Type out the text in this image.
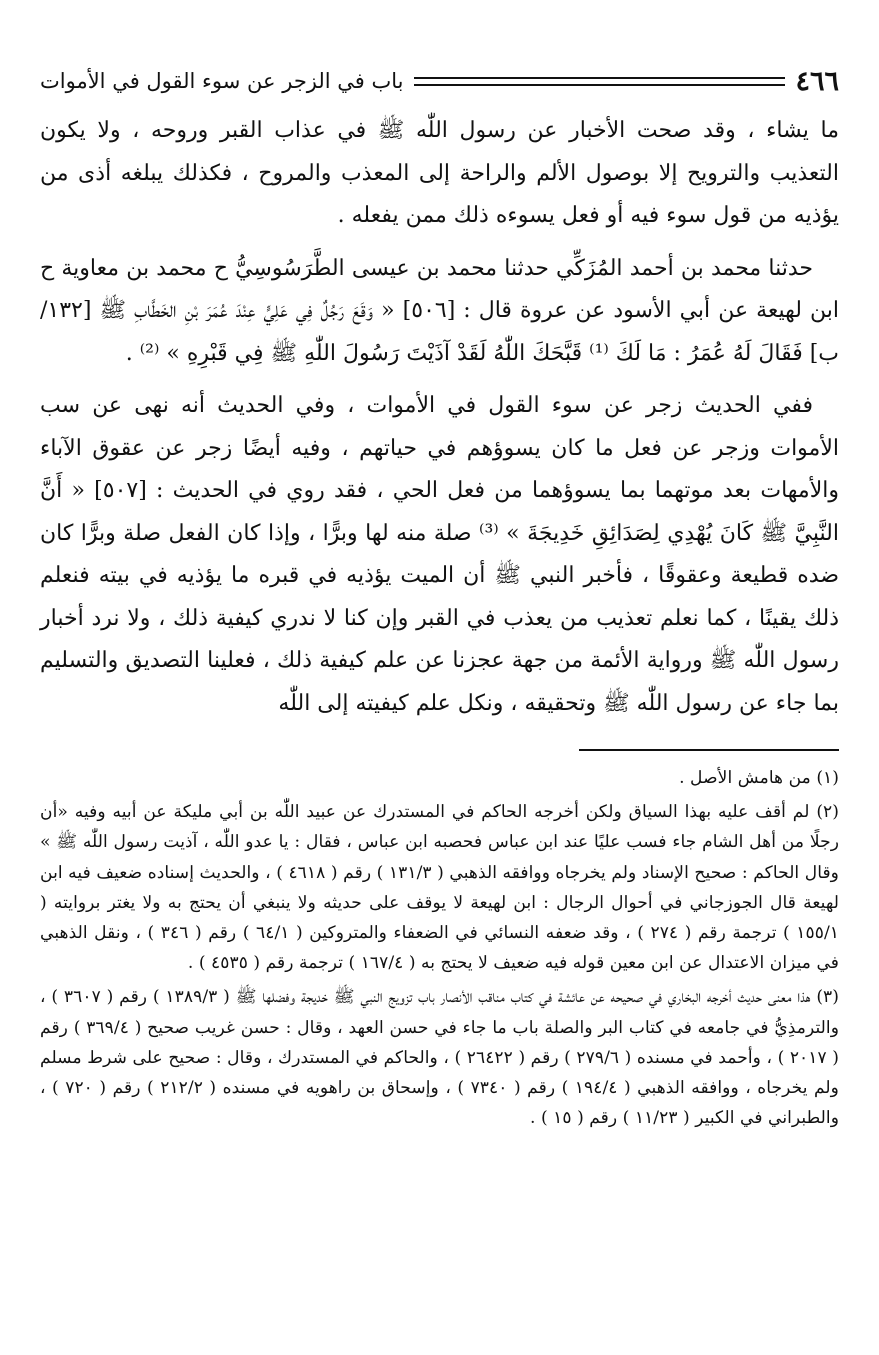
٤٦٦
باب في الزجر عن سوء القول في الأموات

ما يشاء ، وقد صحت الأخبار عن رسول اللّٰه ﷺ في عذاب القبر وروحه ، ولا يكون التعذيب والترويح إلا بوصول الألم والراحة إلى المعذب والمروح ، فكذلك يبلغه أذى من يؤذيه من قول سوء فيه أو فعل يسوءه ذلك ممن يفعله .

حدثنا محمد بن أحمد المُزَكِّي حدثنا محمد بن عيسى الطَّرَسُوسِيُّ ح محمد بن معاوية ح ابن لهيعة عن أبي الأسود عن عروة قال : [٥٠٦] « وَقَعَ رَجُلٌ فِي عَلِيٍّ عِنْدَ عُمَرَ بْنِ الخَطَّابِ ﷺ [١٣٢/ب] فَقَالَ لَهُ عُمَرُ : مَا لَكَ ⁽¹⁾ قَبَّحَكَ اللّٰهُ لَقَدْ آذَيْتَ رَسُولَ اللّٰهِ ﷺ فِي قَبْرِهِ » ⁽²⁾ .

ففي الحديث زجر عن سوء القول في الأموات ، وفي الحديث أنه نهى عن سب الأموات وزجر عن فعل ما كان يسوؤهم في حياتهم ، وفيه أيضًا زجر عن عقوق الآباء والأمهات بعد موتهما بما يسوؤهما من فعل الحي ، فقد روي في الحديث : [٥٠٧] « أَنَّ النَّبِيَّ ﷺ كَانَ يُهْدِي لِصَدَائِقِ خَدِيجَةَ » ⁽³⁾ صلة منه لها وبرًّا ، وإذا كان الفعل صلة وبرًّا كان ضده قطيعة وعقوقًا ، فأخبر النبي ﷺ أن الميت يؤذيه في قبره ما يؤذيه في بيته فنعلم ذلك يقينًا ، كما نعلم تعذيب من يعذب في القبر وإن كنا لا ندري كيفية ذلك ، ولا نرد أخبار رسول اللّٰه ﷺ ورواية الأئمة من جهة عجزنا عن علم كيفية ذلك ، فعلينا التصديق والتسليم بما جاء عن رسول اللّٰه ﷺ وتحقيقه ، ونكل علم كيفيته إلى اللّٰه

(١) من هامش الأصل .

(٢) لم أقف عليه بهذا السياق ولكن أخرجه الحاكم في المستدرك عن عبيد اللّٰه بن أبي مليكة عن أبيه وفيه «أن رجلًا من أهل الشام جاء فسب عليًا عند ابن عباس فحصبه ابن عباس ، فقال : يا عدو اللّٰه ، آذيت رسول اللّٰه ﷺ » وقال الحاكم : صحيح الإسناد ولم يخرجاه ووافقه الذهبي ( ١٣١/٣ ) رقم ( ٤٦١٨ ) ، والحديث إسناده ضعيف فيه ابن لهيعة قال الجوزجاني في أحوال الرجال : ابن لهيعة لا يوقف على حديثه ولا ينبغي أن يحتج به ولا يغتر بروايته ( ١٥٥/١ ) ترجمة رقم ( ٢٧٤ ) ، وقد ضعفه النسائي في الضعفاء والمتروكين ( ٦٤/١ ) رقم ( ٣٤٦ ) ، ونقل الذهبي في ميزان الاعتدال عن ابن معين قوله فيه ضعيف لا يحتج به ( ١٦٧/٤ ) ترجمة رقم ( ٤٥٣٥ ) .

(٣) هذا معنى حديث أخرجه البخاري في صحيحه عن عائشة في كتاب مناقب الأنصار باب تزويج النبي ﷺ خديجة وفضلها ﷺ ( ١٣٨٩/٣ ) رقم ( ٣٦٠٧ ) ، والترمذِيُّ في جامعه في كتاب البر والصلة باب ما جاء في حسن العهد ، وقال : حسن غريب صحيح ( ٣٦٩/٤ ) رقم ( ٢٠١٧ ) ، وأحمد في مسنده ( ٢٧٩/٦ ) رقم ( ٢٦٤٢٢ ) ، والحاكم في المستدرك ، وقال : صحيح على شرط مسلم ولم يخرجاه ، ووافقه الذهبي ( ١٩٤/٤ ) رقم ( ٧٣٤٠ ) ، وإسحاق بن راهويه في مسنده ( ٢١٢/٢ ) رقم ( ٧٢٠ ) ، والطبراني في الكبير ( ١١/٢٣ ) رقم ( ١٥ ) .
